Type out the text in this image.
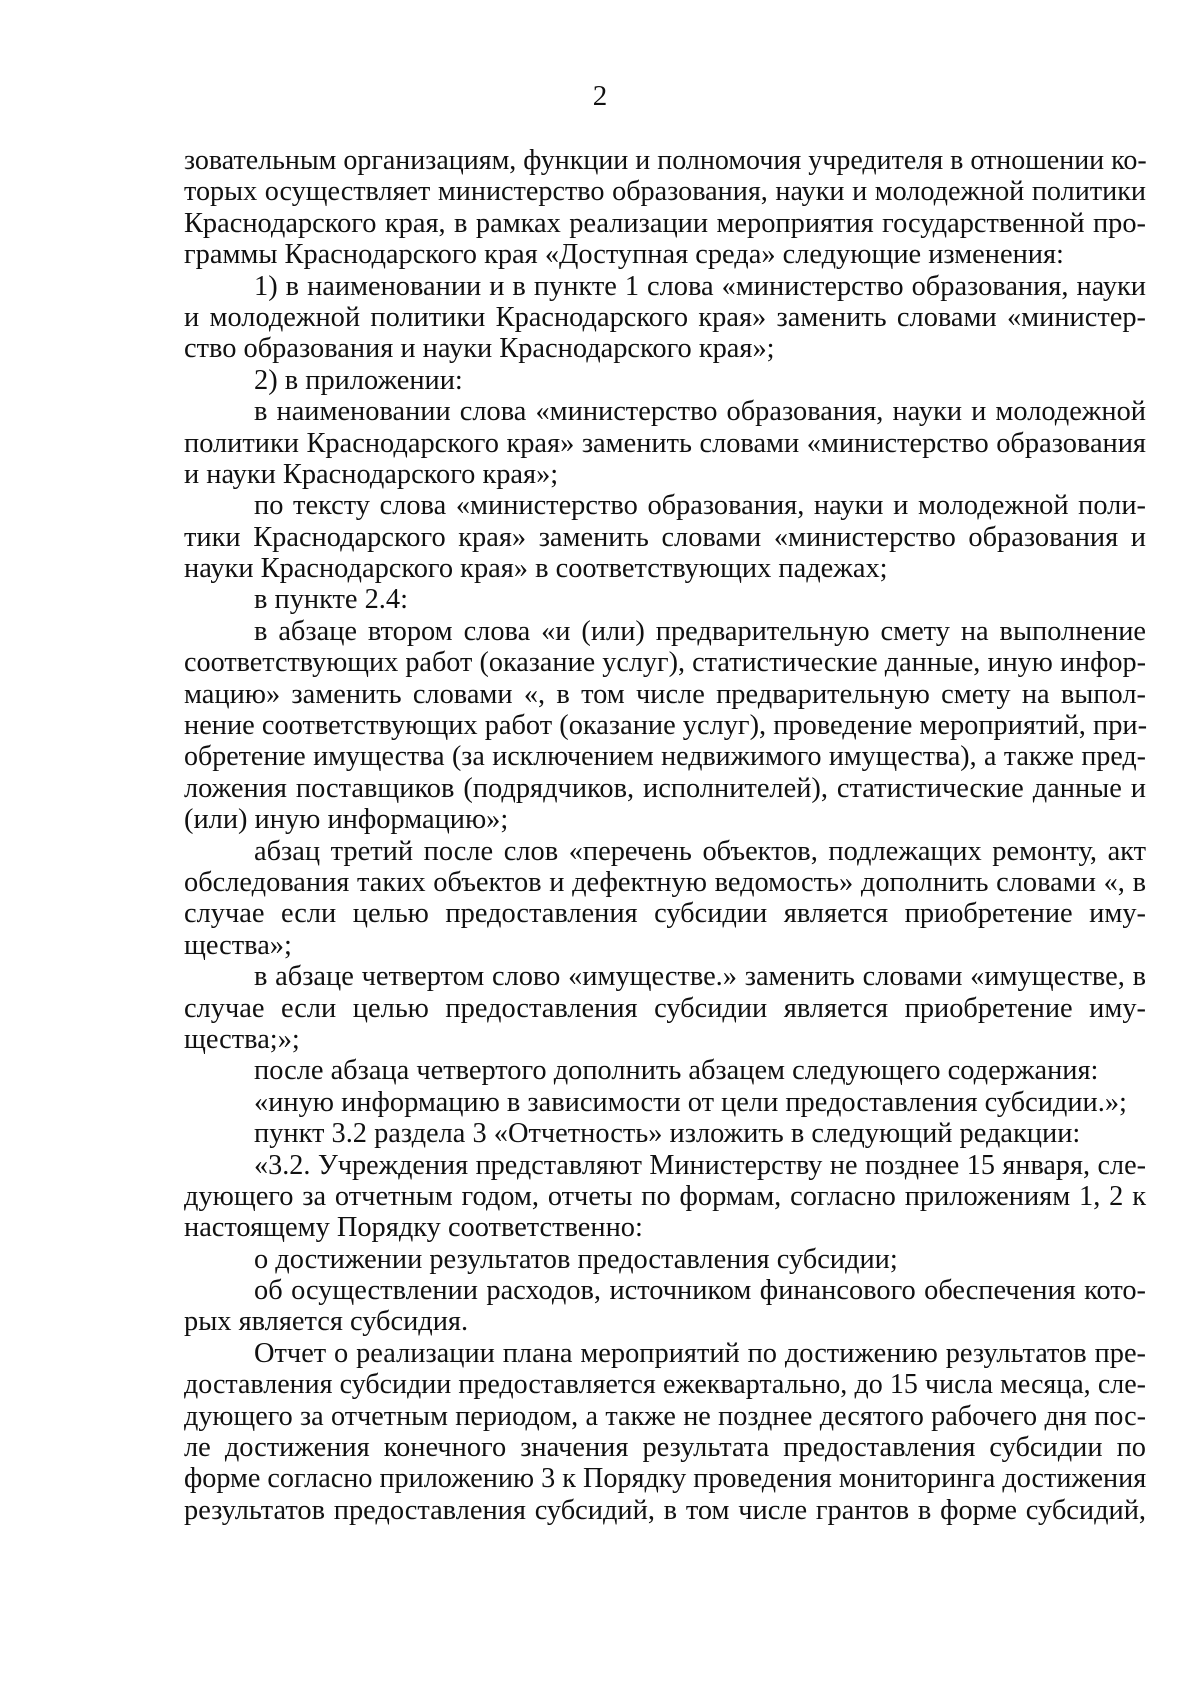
2
зовательным организациям, функции и полномочия учредителя в отношении ко-
торых осуществляет министерство образования, науки и молодежной политики
Краснодарского края, в рамках реализации мероприятия государственной про-
граммы Краснодарского края «Доступная среда» следующие изменения:
1) в наименовании и в пункте 1 слова «министерство образования, науки
и молодежной политики Краснодарского края» заменить словами «министер-
ство образования и науки Краснодарского края»;
2) в приложении:
в наименовании слова «министерство образования, науки и молодежной
политики Краснодарского края» заменить словами «министерство образования
и науки Краснодарского края»;
по тексту слова «министерство образования, науки и молодежной поли-
тики Краснодарского края» заменить словами «министерство образования и
науки Краснодарского края» в соответствующих падежах;
в пункте 2.4:
в абзаце втором слова «и (или) предварительную смету на выполнение
соответствующих работ (оказание услуг), статистические данные, иную инфор-
мацию» заменить словами «, в том числе предварительную смету на выпол-
нение соответствующих работ (оказание услуг), проведение мероприятий, при-
обретение имущества (за исключением недвижимого имущества), а также пред-
ложения поставщиков (подрядчиков, исполнителей), статистические данные и
(или) иную информацию»;
абзац третий после слов «перечень объектов, подлежащих ремонту, акт
обследования таких объектов и дефектную ведомость» дополнить словами «, в
случае если целью предоставления субсидии является приобретение иму-
щества»;
в абзаце четвертом слово «имуществе.» заменить словами «имуществе, в
случае если целью предоставления субсидии является приобретение иму-
щества;»;
после абзаца четвертого дополнить абзацем следующего содержания:
«иную информацию в зависимости от цели предоставления субсидии.»;
пункт 3.2 раздела 3 «Отчетность» изложить в следующий редакции:
«3.2. Учреждения представляют Министерству не позднее 15 января, сле-
дующего за отчетным годом, отчеты по формам, согласно приложениям 1, 2 к
настоящему Порядку соответственно:
о достижении результатов предоставления субсидии;
об осуществлении расходов, источником финансового обеспечения кото-
рых является субсидия.
Отчет о реализации плана мероприятий по достижению результатов пре-
доставления субсидии предоставляется ежеквартально, до 15 числа месяца, сле-
дующего за отчетным периодом, а также не позднее десятого рабочего дня пос-
ле достижения конечного значения результата предоставления субсидии по
форме согласно приложению 3 к Порядку проведения мониторинга достижения
результатов предоставления субсидий, в том числе грантов в форме субсидий,
